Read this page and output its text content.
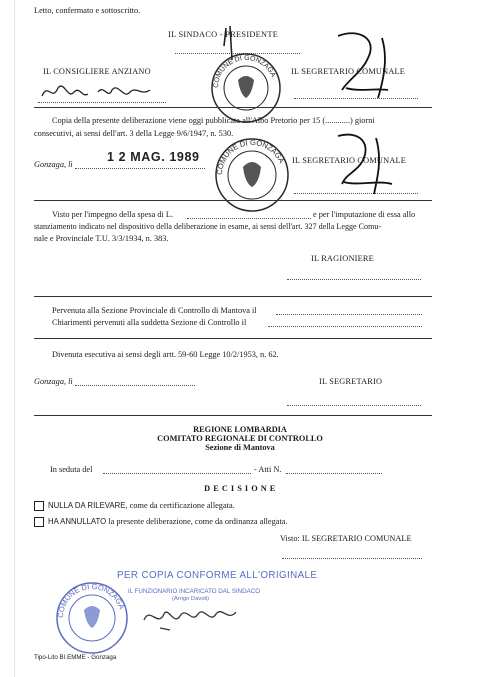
Letto, confermato e sottoscritto.
IL SINDACO - PRESIDENTE
IL CONSIGLIERE ANZIANO
COMUNE DI GONZAGA IL SEGRETARIO COMUNALE
Copia della presente deliberazione viene oggi pubblicata all'Albo Pretorio per 15 (............) giorni
consecutivi, ai sensi dell'art. 3 della Legge 9/6/1947, n. 530.
Gonzaga, lì
1 2 MAG. 1989
COMUNE DI GONZAGA IL SEGRETARIO COMUNALE
Visto per l'impegno della spesa di L.	e per l'imputazione di essa allo
stanziamento indicato nel dispositivo della deliberazione in esame, ai sensi dell'art. 327 della Legge Comu-
nale e Provinciale T.U. 3/3/1934, n. 383.
IL RAGIONIERE
Pervenuta alla Sezione Provinciale di Controllo di Mantova il
Chiarimenti pervenuti alla suddetta Sezione di Controllo il
Divenuta esecutiva ai sensi degli artt. 59-60 Legge 10/2/1953, n. 62.
Gonzaga, lì	IL SEGRETARIO
REGIONE LOMBARDIA
COMITATO REGIONALE DI CONTROLLO
Sezione di Mantova
In seduta del	- Atti N.
D E C I S I O N E
NULLA DA RILEVARE, come da certificazione allegata.
HA ANNULLATO la presente deliberazione, come da ordinanza allegata.
Visto: IL SEGRETARIO COMUNALE
PER COPIA CONFORME ALL'ORIGINALE
IL FUNZIONARIO INCARICATO DAL SINDACO
(Arrigo Davoli)
COMUNE DI GONZAGA
Tipo-Lito BI.EMME - Gonzaga
